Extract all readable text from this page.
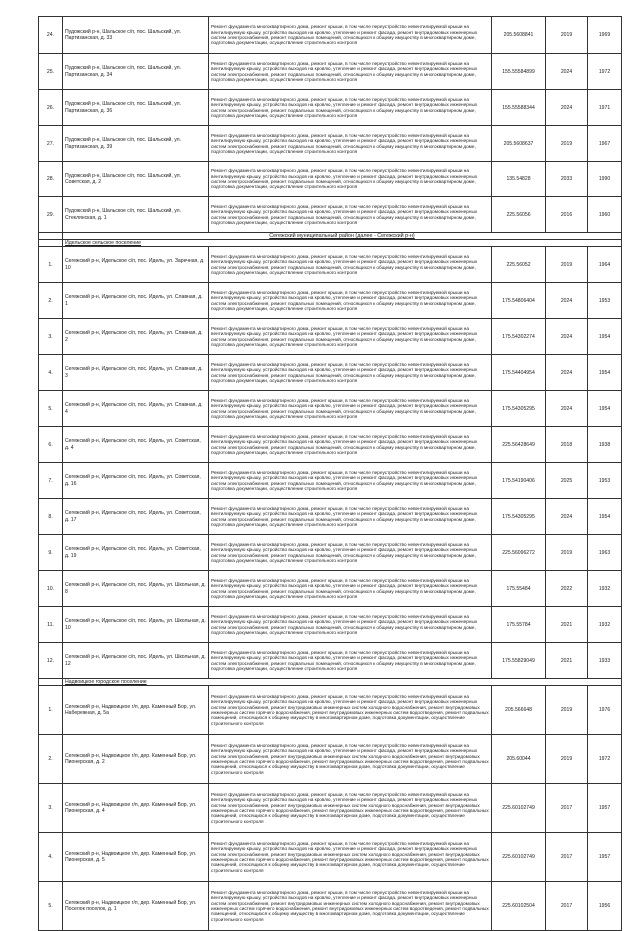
24.	Пудожский р-н, Шальское с/п, пос. Шальский, ул. Партизанская, д. 33	Ремонт фундамента многоквартирного дома, ремонт крыши, в том числе переустройство невентилируемой крыши на вентилируемую крышу, устройство выходов на кровлю, утепление и ремонт фасада, ремонт внутридомовых инженерных систем электроснабжения, ремонт подвальных помещений, относящихся к общему имуществу в многоквартирном доме, подготовка документации, осуществление строительного контроля	205.5608841	2019	1969
25.	Пудожский р-н, Шальское с/п, пос. Шальский, ул. Партизанская, д. 34	Ремонт фундамента многоквартирного дома, ремонт крыши, в том числе переустройство невентилируемой крыши на вентилируемую крышу, устройство выходов на кровлю, утепление и ремонт фасада, ремонт внутридомовых инженерных систем электроснабжения, ремонт подвальных помещений, относящихся к общему имуществу в многоквартирном доме, подготовка документации, осуществление строительного контроля	155.55584899	2024	1972
26.	Пудожский р-н, Шальское с/п, пос. Шальский, ул. Партизанская, д. 36	Ремонт фундамента многоквартирного дома, ремонт крыши, в том числе переустройство невентилируемой крыши на вентилируемую крышу, устройство выходов на кровлю, утепление и ремонт фасада, ремонт внутридомовых инженерных систем электроснабжения, ремонт подвальных помещений, относящихся к общему имуществу в многоквартирном доме, подготовка документации, осуществление строительного контроля	155.55588344	2024	1971
27.	Пудожский р-н, Шальское с/п, пос. Шальский, ул. Партизанская, д. 39	Ремонт фундамента многоквартирного дома, ремонт крыши, в том числе переустройство невентилируемой крыши на вентилируемую крышу, устройство выходов на кровлю, утепление и ремонт фасада, ремонт внутридомовых инженерных систем электроснабжения, ремонт подвальных помещений, относящихся к общему имуществу в многоквартирном доме, подготовка документации, осуществление строительного контроля	205.5608637	2019	1967
28.	Пудожский р-н, Шальское с/п, пос. Шальский, ул. Советская, д. 2	Ремонт фундамента многоквартирного дома, ремонт крыши, в том числе переустройство невентилируемой крыши на вентилируемую крышу, устройство выходов на кровлю, утепление и ремонт фасада, ремонт внутридомовых инженерных систем электроснабжения, ремонт подвальных помещений, относящихся к общему имуществу в многоквартирном доме, подготовка документации, осуществление строительного контроля	135.54828	2033	1990
29.	Пудожский р-н, Шальское с/п, пос. Шальский, ул. Стеклянская, д. 1	Ремонт фундамента многоквартирного дома, ремонт крыши, в том числе переустройство невентилируемой крыши на вентилируемую крышу, устройство выходов на кровлю, утепление и ремонт фасада, ремонт внутридомовых инженерных систем электроснабжения, ремонт подвальных помещений, относящихся к общему имуществу в многоквартирном доме, подготовка документации, осуществление строительного контроля	225.56056	2016	1960
	Сегежский муниципальный район (далее - Сегежский р-н)				
	Идельское сельское поселение				
1.	Сегежский р-н, Идельское с/п, пос. Идель, ул. Заречная, д. 10	Ремонт фундамента многоквартирного дома, ремонт крыши, в том числе переустройство невентилируемой крыши на вентилируемую крышу, устройство выходов на кровлю, утепление и ремонт фасада, ремонт внутридомовых инженерных систем электроснабжения, ремонт подвальных помещений, относящихся к общему имуществу в многоквартирном доме, подготовка документации, осуществление строительного контроля	225.56052	2019	1964
2.	Сегежский р-н, Идельское с/п, пос. Идель, ул. Славная, д. 1	Ремонт фундамента многоквартирного дома, ремонт крыши, в том числе переустройство невентилируемой крыши на вентилируемую крышу, устройство выходов на кровлю, утепление и ремонт фасада, ремонт внутридомовых инженерных систем электроснабжения, ремонт подвальных помещений, относящихся к общему имуществу в многоквартирном доме, подготовка документации, осуществление строительного контроля	175.54806404	2024	1953
3.	Сегежский р-н, Идельское с/п, пос. Идель, ул. Славная, д. 2	Ремонт фундамента многоквартирного дома, ремонт крыши, в том числе переустройство невентилируемой крыши на вентилируемую крышу, устройство выходов на кровлю, утепление и ремонт фасада, ремонт внутридомовых инженерных систем электроснабжения, ремонт подвальных помещений, относящихся к общему имуществу в многоквартирном доме, подготовка документации, осуществление строительного контроля	175.54302274	2024	1954
4.	Сегежский р-н, Идельское с/п, пос. Идель, ул. Славная, д. 3	Ремонт фундамента многоквартирного дома, ремонт крыши, в том числе переустройство невентилируемой крыши на вентилируемую крышу, устройство выходов на кровлю, утепление и ремонт фасада, ремонт внутридомовых инженерных систем электроснабжения, ремонт подвальных помещений, относящихся к общему имуществу в многоквартирном доме, подготовка документации, осуществление строительного контроля	175.54404954	2024	1954
5.	Сегежский р-н, Идельское с/п, пос. Идель, ул. Славная, д. 4	Ремонт фундамента многоквартирного дома, ремонт крыши, в том числе переустройство невентилируемой крыши на вентилируемую крышу, устройство выходов на кровлю, утепление и ремонт фасада, ремонт внутридомовых инженерных систем электроснабжения, ремонт подвальных помещений, относящихся к общему имуществу в многоквартирном доме, подготовка документации, осуществление строительного контроля	175.54305295	2024	1954
6.	Сегежский р-н, Идельское с/п, пос. Идель, ул. Советская, д. 4	Ремонт фундамента многоквартирного дома, ремонт крыши, в том числе переустройство невентилируемой крыши на вентилируемую крышу, устройство выходов на кровлю, утепление и ремонт фасада, ремонт внутридомовых инженерных систем электроснабжения, ремонт подвальных помещений, относящихся к общему имуществу в многоквартирном доме, подготовка документации, осуществление строительного контроля	225.56428649	2018	1938
7.	Сегежский р-н, Идельское с/п, пос. Идель, ул. Советская, д. 16	Ремонт фундамента многоквартирного дома, ремонт крыши, в том числе переустройство невентилируемой крыши на вентилируемую крышу, устройство выходов на кровлю, утепление и ремонт фасада, ремонт внутридомовых инженерных систем электроснабжения, ремонт подвальных помещений, относящихся к общему имуществу в многоквартирном доме, подготовка документации, осуществление строительного контроля	175.54190406	2025	1953
8.	Сегежский р-н, Идельское с/п, пос. Идель, ул. Советская, д. 17	Ремонт фундамента многоквартирного дома, ремонт крыши, в том числе переустройство невентилируемой крыши на вентилируемую крышу, устройство выходов на кровлю, утепление и ремонт фасада, ремонт внутридомовых инженерных систем электроснабжения, ремонт подвальных помещений, относящихся к общему имуществу в многоквартирном доме, подготовка документации, осуществление строительного контроля	175.54305295	2024	1954
9.	Сегежский р-н, Идельское с/п, пос. Идель, ул. Советская, д. 19	Ремонт фундамента многоквартирного дома, ремонт крыши, в том числе переустройство невентилируемой крыши на вентилируемую крышу, устройство выходов на кровлю, утепление и ремонт фасада, ремонт внутридомовых инженерных систем электроснабжения, ремонт подвальных помещений, относящихся к общему имуществу в многоквартирном доме, подготовка документации, осуществление строительного контроля	225.56096272	2019	1963
10.	Сегежский р-н, Идельское с/п, пос. Идель, ул. Школьная, д. 8	Ремонт фундамента многоквартирного дома, ремонт крыши, в том числе переустройство невентилируемой крыши на вентилируемую крышу, устройство выходов на кровлю, утепление и ремонт фасада, ремонт внутридомовых инженерных систем электроснабжения, ремонт подвальных помещений, относящихся к общему имуществу в многоквартирном доме, подготовка документации, осуществление строительного контроля	175.55484	2022	1932
11.	Сегежский р-н, Идельское с/п, пос. Идель, ул. Школьная, д. 10	Ремонт фундамента многоквартирного дома, ремонт крыши, в том числе переустройство невентилируемой крыши на вентилируемую крышу, устройство выходов на кровлю, утепление и ремонт фасада, ремонт внутридомовых инженерных систем электроснабжения, ремонт подвальных помещений, относящихся к общему имуществу в многоквартирном доме, подготовка документации, осуществление строительного контроля	175.55784	2021	1932
12.	Сегежский р-н, Идельское с/п, пос. Идель, ул. Школьная, д. 12	Ремонт фундамента многоквартирного дома, ремонт крыши, в том числе переустройство невентилируемой крыши на вентилируемую крышу, устройство выходов на кровлю, утепление и ремонт фасада, ремонт внутридомовых инженерных систем электроснабжения, ремонт подвальных помещений, относящихся к общему имуществу в многоквартирном доме, подготовка документации, осуществление строительного контроля	175.55829049	2021	1933
	Надвоицкое городское поселение				
1.	Сегежский р-н, Надвоицкое г/п, дер. Каменный Бор, ул. Набережная, д. 5а	Ремонт фундамента многоквартирного дома, ремонт крыши, в том числе переустройство невентилируемой крыши на вентилируемую крышу, устройство выходов на кровлю, утепление и ремонт фасада, ремонт внутридомовых инженерных систем электроснабжения, ремонт внутридомовых инженерных систем холодного водоснабжения, ремонт внутридомовых инженерных систем горячего водоснабжения, ремонт внутридомовых инженерных систем водоотведения, ремонт подвальных помещений, относящихся к общему имуществу в многоквартирном доме, подготовка документации, осуществление строительного контроля	205.566648	2019	1976
2.	Сегежский р-н, Надвоицкое г/п, дер. Каменный Бор, ул. Пионерская, д. 2	Ремонт фундамента многоквартирного дома, ремонт крыши, в том числе переустройство невентилируемой крыши на вентилируемую крышу, устройство выходов на кровлю, утепление и ремонт фасада, ремонт внутридомовых инженерных систем электроснабжения, ремонт внутридомовых инженерных систем холодного водоснабжения, ремонт внутридомовых инженерных систем горячего водоснабжения, ремонт внутридомовых инженерных систем водоотведения, ремонт подвальных помещений, относящихся к общему имуществу в многоквартирном доме, подготовка документации, осуществление строительного контроля	205.60044	2019	1972
3.	Сегежский р-н, Надвоицкое г/п, дер. Каменный Бор, ул. Пионерская, д. 4	Ремонт фундамента многоквартирного дома, ремонт крыши, в том числе переустройство невентилируемой крыши на вентилируемую крышу, устройство выходов на кровлю, утепление и ремонт фасада, ремонт внутридомовых инженерных систем электроснабжения, ремонт внутридомовых инженерных систем холодного водоснабжения, ремонт внутридомовых инженерных систем горячего водоснабжения, ремонт внутридомовых инженерных систем водоотведения, ремонт подвальных помещений, относящихся к общему имуществу в многоквартирном доме, подготовка документации, осуществление строительного контроля	225.60102749	2017	1957
4.	Сегежский р-н, Надвоицкое г/п, дер. Каменный Бор, ул. Пионерская, д. 5	Ремонт фундамента многоквартирного дома, ремонт крыши, в том числе переустройство невентилируемой крыши на вентилируемую крышу, устройство выходов на кровлю, утепление и ремонт фасада, ремонт внутридомовых инженерных систем электроснабжения, ремонт внутридомовых инженерных систем холодного водоснабжения, ремонт внутридомовых инженерных систем горячего водоснабжения, ремонт внутридомовых инженерных систем водоотведения, ремонт подвальных помещений, относящихся к общему имуществу в многоквартирном доме, подготовка документации, осуществление строительного контроля	225.60102749	2017	1957
5.	Сегежский р-н, Надвоицкое г/п, дер. Каменный Бор, ул. Поселок поселок, д. 1	Ремонт фундамента многоквартирного дома, ремонт крыши, в том числе переустройство невентилируемой крыши на вентилируемую крышу, устройство выходов на кровлю, утепление и ремонт фасада, ремонт внутридомовых инженерных систем электроснабжения, ремонт внутридомовых инженерных систем холодного водоснабжения, ремонт внутридомовых инженерных систем горячего водоснабжения, ремонт внутридомовых инженерных систем водоотведения, ремонт подвальных помещений, относящихся к общему имуществу в многоквартирном доме, подготовка документации, осуществление строительного контроля	225.60102504	2017	1956
